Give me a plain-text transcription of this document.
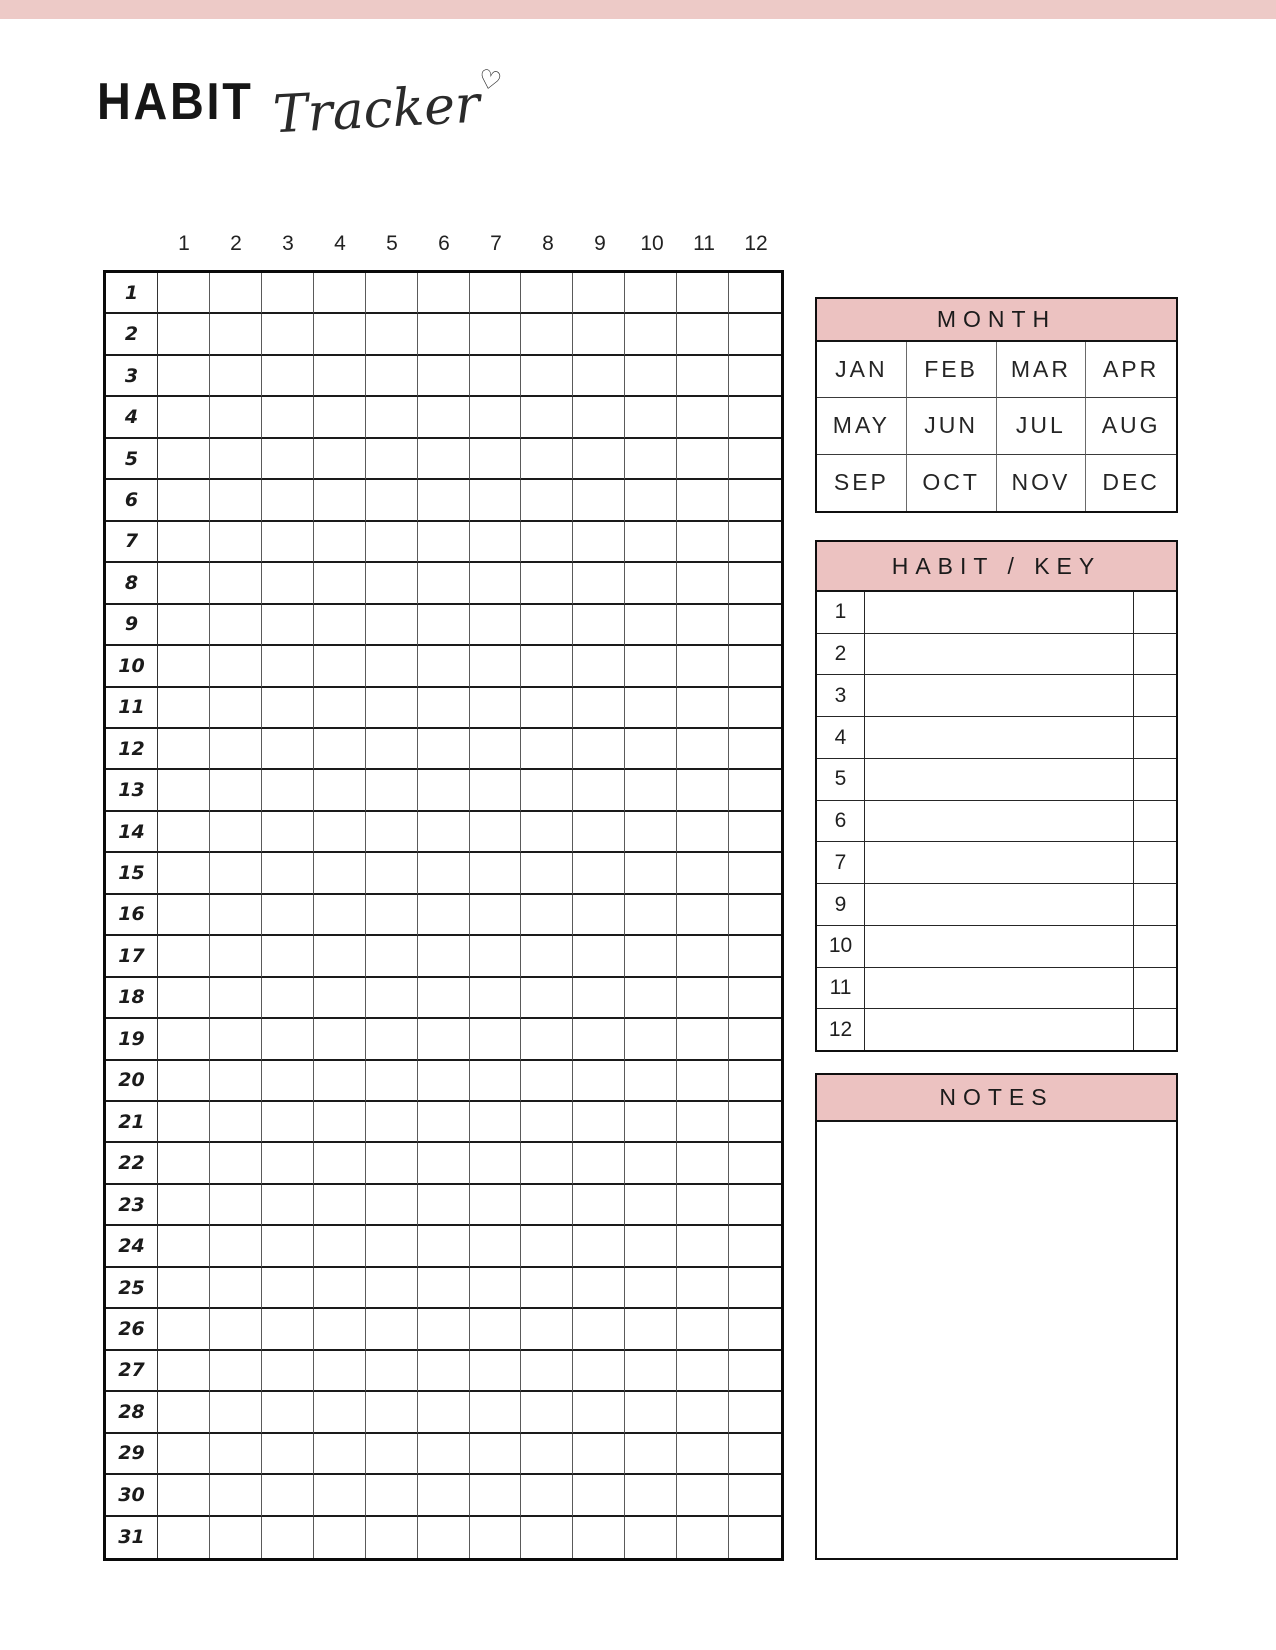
HABIT Tracker
♡
1	2	3	4	5	6	7	8	9	10	11	12
1
2
3
4
5
6
7
8
9
10
11
12
13
14
15
16
17
18
19
20
21
22
23
24
25
26
27
28
29
30
31
MONTH
JAN	FEB	MAR	APR
MAY	JUN	JUL	AUG
SEP	OCT	NOV	DEC
HABIT / KEY
1
2
3
4
5
6
7
9
10
11
12
NOTES
